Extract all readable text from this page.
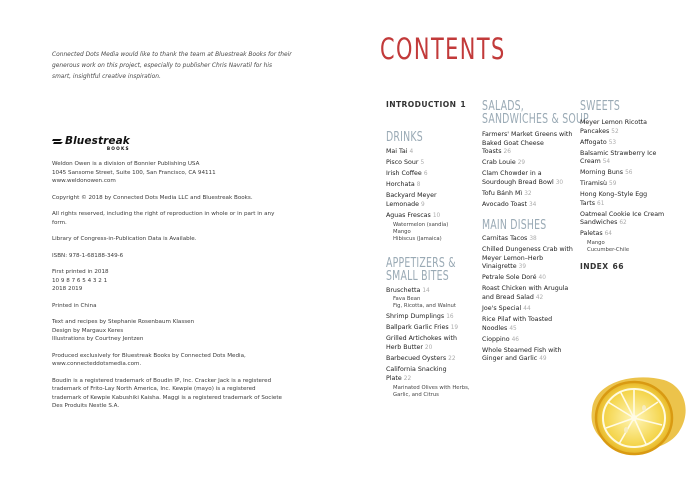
Connected Dots Media would like to thank the team at Bluestreak Books for their generous work on this project, especially to publisher Chris Navratil for his smart, insightful creative inspiration.

Bluestreak
BOOKS

Weldon Owen is a division of Bonnier Publishing USA
1045 Sansome Street, Suite 100, San Francisco, CA 94111
www.weldonowen.com

Copyright © 2018 by Connected Dots Media LLC and Bluestreak Books.

All rights reserved, including the right of reproduction in whole or in part in any form.

Library of Congress-in-Publication Data is Available.

ISBN: 978-1-68188-349-6

First printed in 2018
10 9 8 7 6 5 4 3 2 1
2018 2019

Printed in China

Text and recipes by Stephanie Rosenbaum Klassen
Design by Margaux Keres
Illustrations by Courtney Jentzen

Produced exclusively for Bluestreak Books by Connected Dots Media, www.connecteddotsmedia.com.

Boudin is a registered trademark of Boudin IP, Inc. Cracker Jack is a registered trademark of Frito-Lay North America, Inc. Kewpie (mayo) is a registered trademark of Kewpie Kabushiki Kaisha. Maggi is a registered trademark of Societe Des Produits Nestle S.A.

CONTENTS
INTRODUCTION 1
DRINKS
Mai Tai 4
Pisco Sour 5
Irish Coffee 6
Horchata 8
Backyard Meyer Lemonade 9
Aguas Frescas 10
Watermelon (sandía)
Mango
Hibiscus (Jamaica)
APPETIZERS &
SMALL BITES
Bruschetta 14
Fava Bean
Fig, Ricotta, and Walnut
Shrimp Dumplings 16
Ballpark Garlic Fries 19
Grilled Artichokes with Herb Butter 20
Barbecued Oysters 22
California Snacking Plate 22
Marinated Olives with Herbs, Garlic, and Citrus
SALADS,
SANDWICHES & SOUP
Farmers' Market Greens with Baked Goat Cheese Toasts 26
Crab Louie 29
Clam Chowder in a Sourdough Bread Bowl 30
Tofu Bánh Mì 32
Avocado Toast 34
MAIN DISHES
Carnitas Tacos 38
Chilled Dungeness Crab with Meyer Lemon–Herb Vinaigrette 39
Petrale Sole Doré 40
Roast Chicken with Arugula and Bread Salad 42
Joe's Special 44
Rice Pilaf with Toasted Noodles 45
Cioppino 46
Whole Steamed Fish with Ginger and Garlic 49
SWEETS
Meyer Lemon Ricotta Pancakes 52
Affogato 53
Balsamic Strawberry Ice Cream 54
Morning Buns 56
Tiramisù 59
Hong Kong–Style Egg Tarts 61
Oatmeal Cookie Ice Cream Sandwiches 62
Paletas 64
Mango
Cucumber-Chile
INDEX 66
